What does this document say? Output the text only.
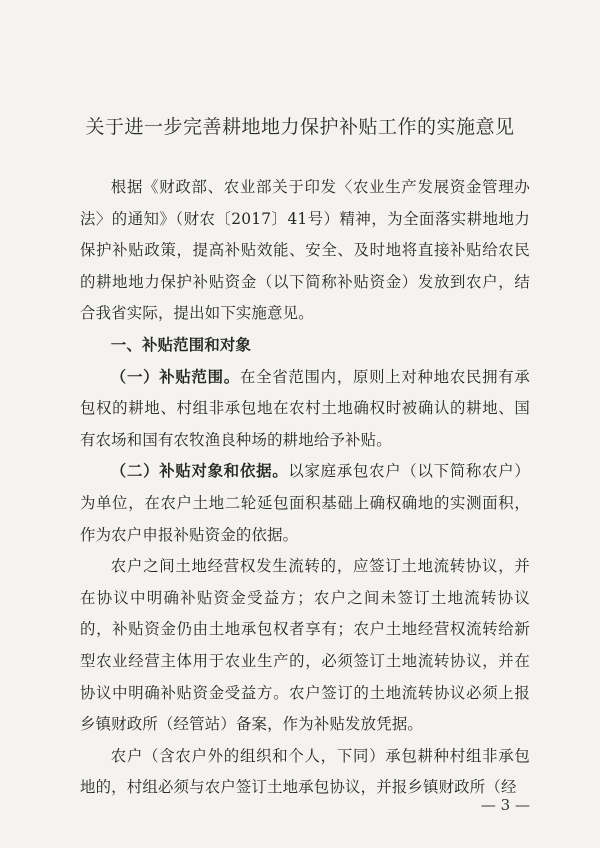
关于进一步完善耕地地力保护补贴工作的实施意见

根据《财政部、农业部关于印发〈农业生产发展资金管理办法〉的通知》（财农〔2017〕41号）精神，为全面落实耕地地力保护补贴政策，提高补贴效能、安全、及时地将直接补贴给农民的耕地地力保护补贴资金（以下简称补贴资金）发放到农户，结合我省实际，提出如下实施意见。

一、补贴范围和对象

（一）补贴范围。在全省范围内，原则上对种地农民拥有承包权的耕地、村组非承包地在农村土地确权时被确认的耕地、国有农场和国有农牧渔良种场的耕地给予补贴。

（二）补贴对象和依据。以家庭承包农户（以下简称农户）为单位，在农户土地二轮延包面积基础上确权确地的实测面积，作为农户申报补贴资金的依据。

农户之间土地经营权发生流转的，应签订土地流转协议，并在协议中明确补贴资金受益方；农户之间未签订土地流转协议的，补贴资金仍由土地承包权者享有；农户土地经营权流转给新型农业经营主体用于农业生产的，必须签订土地流转协议，并在协议中明确补贴资金受益方。农户签订的土地流转协议必须上报乡镇财政所（经管站）备案，作为补贴发放凭据。

农户（含农户外的组织和个人，下同）承包耕种村组非承包地的，村组必须与农户签订土地承包协议，并报乡镇财政所（经

— 3 —
